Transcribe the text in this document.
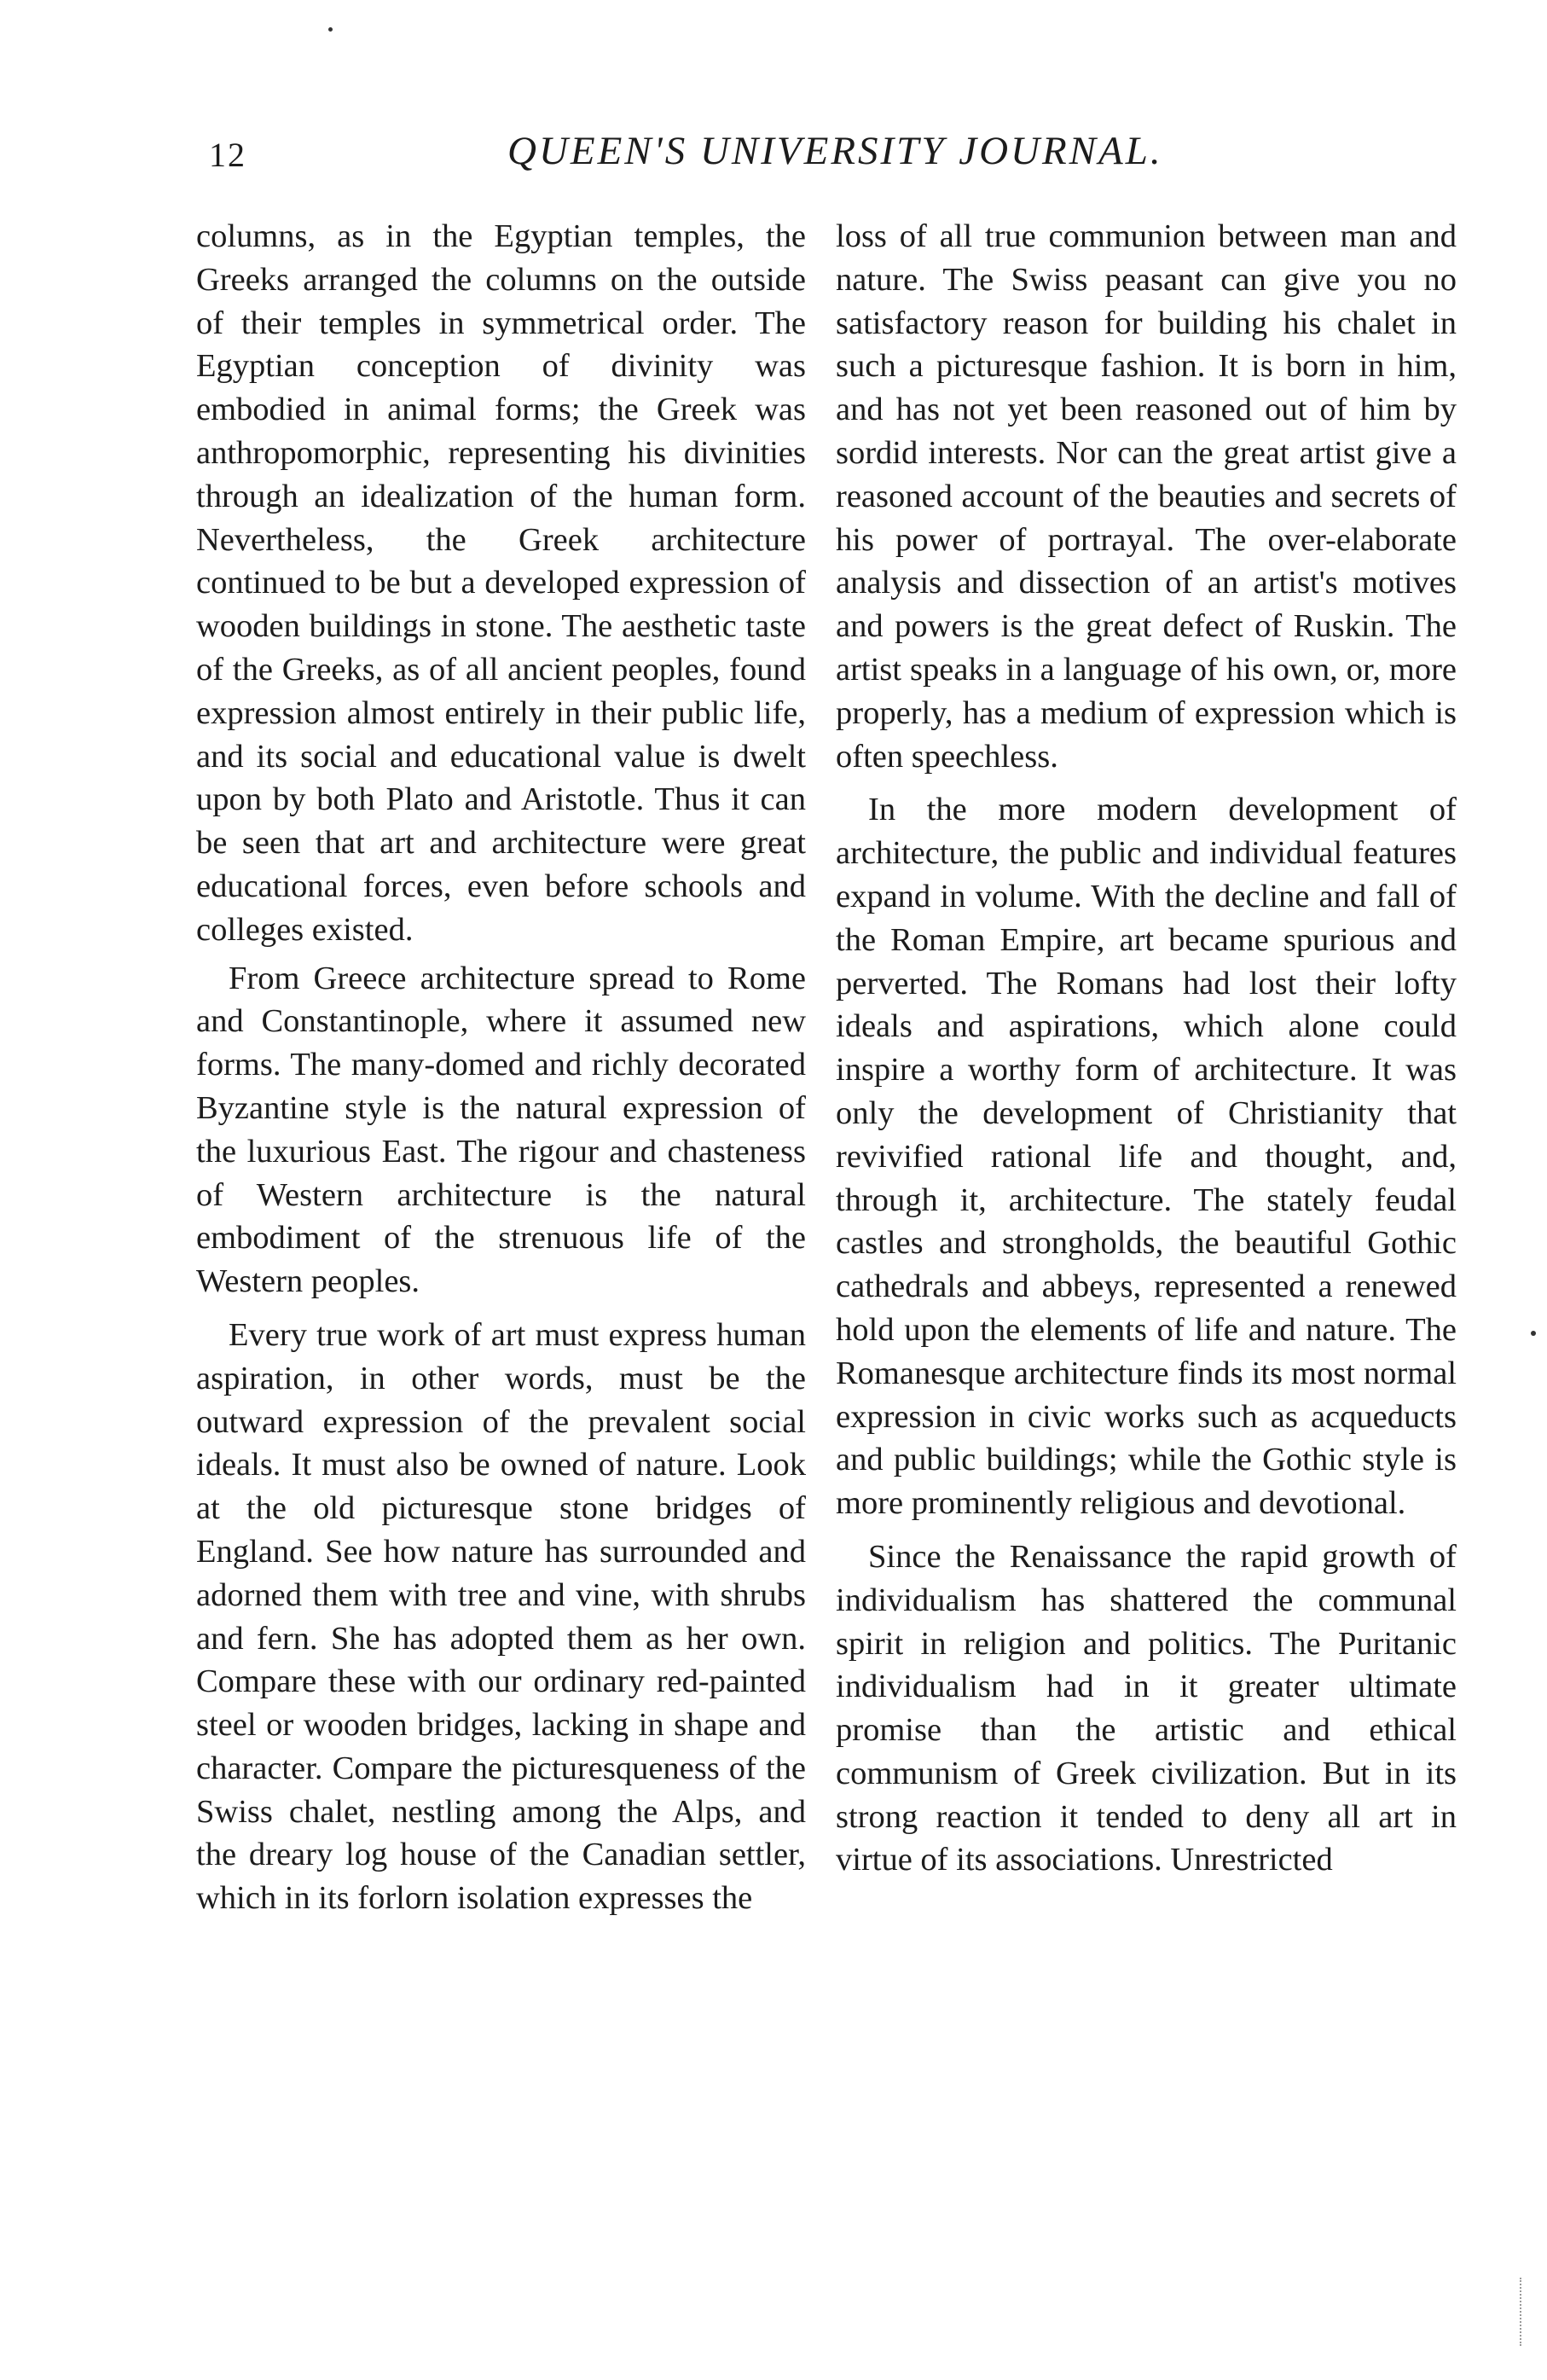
12	QUEEN'S UNIVERSITY JOURNAL.

columns, as in the Egyptian temples, the Greeks arranged the columns on the outside of their temples in symmetrical order. The Egyptian conception of divinity was embodied in animal forms; the Greek was anthropomorphic, representing his divinities through an idealization of the human form. Nevertheless, the Greek architecture continued to be but a developed expression of wooden buildings in stone. The aesthetic taste of the Greeks, as of all ancient peoples, found expression almost entirely in their public life, and its social and educational value is dwelt upon by both Plato and Aristotle. Thus it can be seen that art and architecture were great educational forces, even before schools and colleges existed.

From Greece architecture spread to Rome and Constantinople, where it assumed new forms. The many-domed and richly decorated Byzantine style is the natural expression of the luxurious East. The rigour and chasteness of Western architecture is the natural embodiment of the strenuous life of the Western peoples.

Every true work of art must express human aspiration, in other words, must be the outward expression of the prevalent social ideals. It must also be owned of nature. Look at the old picturesque stone bridges of England. See how nature has surrounded and adorned them with tree and vine, with shrubs and fern. She has adopted them as her own. Compare these with our ordinary red-painted steel or wooden bridges, lacking in shape and character. Compare the picturesqueness of the Swiss chalet, nestling among the Alps, and the dreary log house of the Canadian settler, which in its forlorn isolation expresses the

loss of all true communion between man and nature. The Swiss peasant can give you no satisfactory reason for building his chalet in such a picturesque fashion. It is born in him, and has not yet been reasoned out of him by sordid interests. Nor can the great artist give a reasoned account of the beauties and secrets of his power of portrayal. The over-elaborate analysis and dissection of an artist's motives and powers is the great defect of Ruskin. The artist speaks in a language of his own, or, more properly, has a medium of expression which is often speechless.

In the more modern development of architecture, the public and individual features expand in volume. With the decline and fall of the Roman Empire, art became spurious and perverted. The Romans had lost their lofty ideals and aspirations, which alone could inspire a worthy form of architecture. It was only the development of Christianity that revivified rational life and thought, and, through it, architecture. The stately feudal castles and strongholds, the beautiful Gothic cathedrals and abbeys, represented a renewed hold upon the elements of life and nature. The Romanesque architecture finds its most normal expression in civic works such as acqueducts and public buildings; while the Gothic style is more prominently religious and devotional.

Since the Renaissance the rapid growth of individualism has shattered the communal spirit in religion and politics. The Puritanic individualism had in it greater ultimate promise than the artistic and ethical communism of Greek civilization. But in its strong reaction it tended to deny all art in virtue of its associations. Unrestricted
